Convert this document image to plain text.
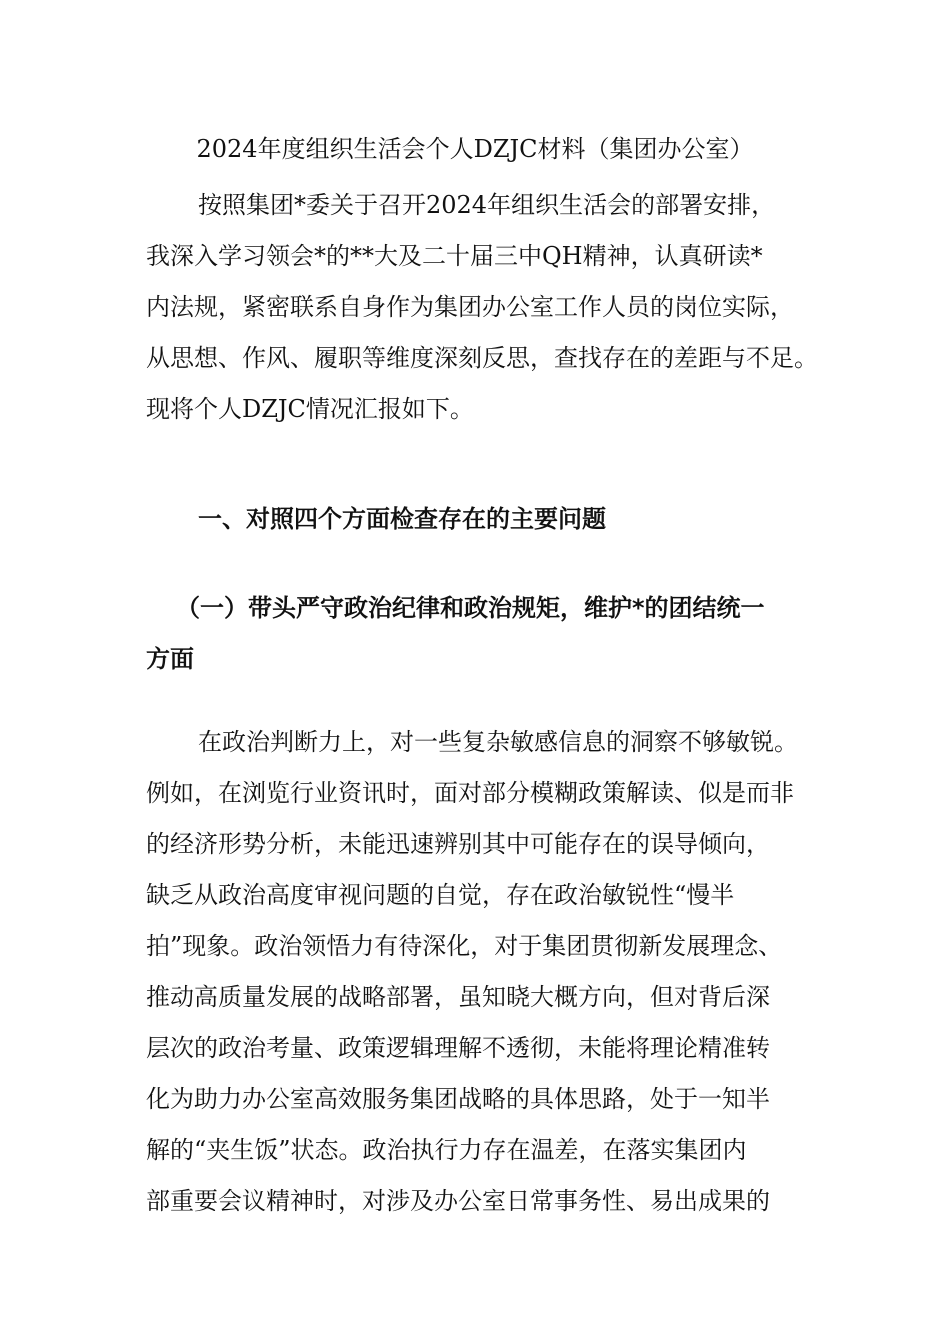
2024年度组织生活会个人DZJC材料（集团办公室）
按照集团*委关于召开2024年组织生活会的部署安排，
我深入学习领会*的**大及二十届三中QH精神，认真研读*
内法规，紧密联系自身作为集团办公室工作人员的岗位实际，
从思想、作风、履职等维度深刻反思，查找存在的差距与不足。
现将个人DZJC情况汇报如下。
一、对照四个方面检查存在的主要问题
（一）带头严守政治纪律和政治规矩，维护*的团结统一
方面
在政治判断力上，对一些复杂敏感信息的洞察不够敏锐。
例如，在浏览行业资讯时，面对部分模糊政策解读、似是而非
的经济形势分析，未能迅速辨别其中可能存在的误导倾向，
缺乏从政治高度审视问题的自觉，存在政治敏锐性“慢半
拍”现象。政治领悟力有待深化，对于集团贯彻新发展理念、
推动高质量发展的战略部署，虽知晓大概方向，但对背后深
层次的政治考量、政策逻辑理解不透彻，未能将理论精准转
化为助力办公室高效服务集团战略的具体思路，处于一知半
解的“夹生饭”状态。政治执行力存在温差，在落实集团内
部重要会议精神时，对涉及办公室日常事务性、易出成果的
